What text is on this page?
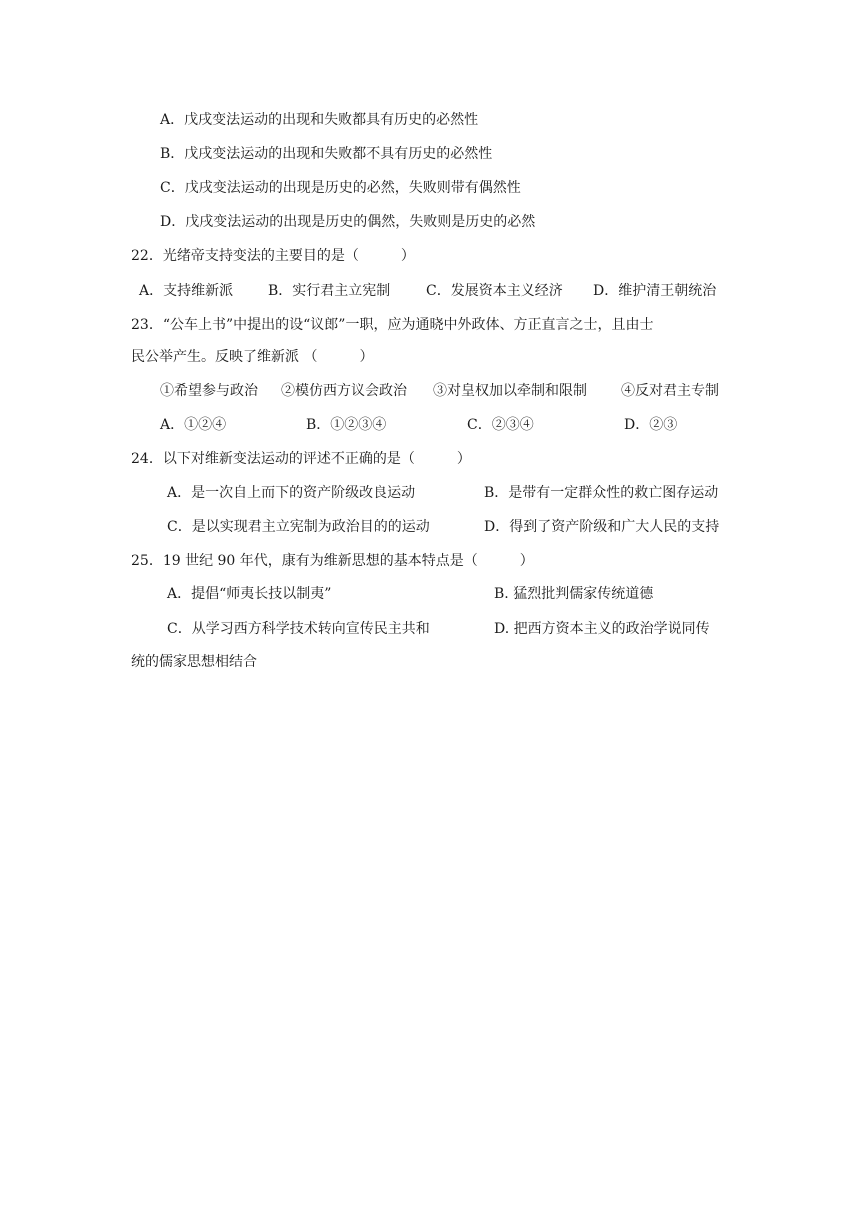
A．戊戌变法运动的出现和失败都具有历史的必然性
B．戊戌变法运动的出现和失败都不具有历史的必然性
C．戊戌变法运动的出现是历史的必然，失败则带有偶然性
D．戊戌变法运动的出现是历史的偶然，失败则是历史的必然
22．光绪帝支持变法的主要目的是（	）
A．支持维新派 B．实行君主立宪制	C．发展资本主义经济 D．维护清王朝统治
23．“公车上书”中提出的设“议郎”一职，应为通晓中外政体、方正直言之士，且由士
民公举产生。反映了维新派 （	）
①希望参与政治 ②模仿西方议会政治 ③对皇权加以牵制和限制 ④反对君主专制
A．①②④	B．①②③④	C．②③④	D．②③
24．以下对维新变法运动的评述不正确的是（	）
A．是一次自上而下的资产阶级改良运动	B．是带有一定群众性的救亡图存运动
C．是以实现君主立宪制为政治目的的运动	D．得到了资产阶级和广大人民的支持
25．19 世纪 90 年代，康有为维新思想的基本特点是（	）
A．提倡“师夷长技以制夷”	B. 猛烈批判儒家传统道德
C．从学习西方科学技术转向宣传民主共和	D. 把西方资本主义的政治学说同传
统的儒家思想相结合
